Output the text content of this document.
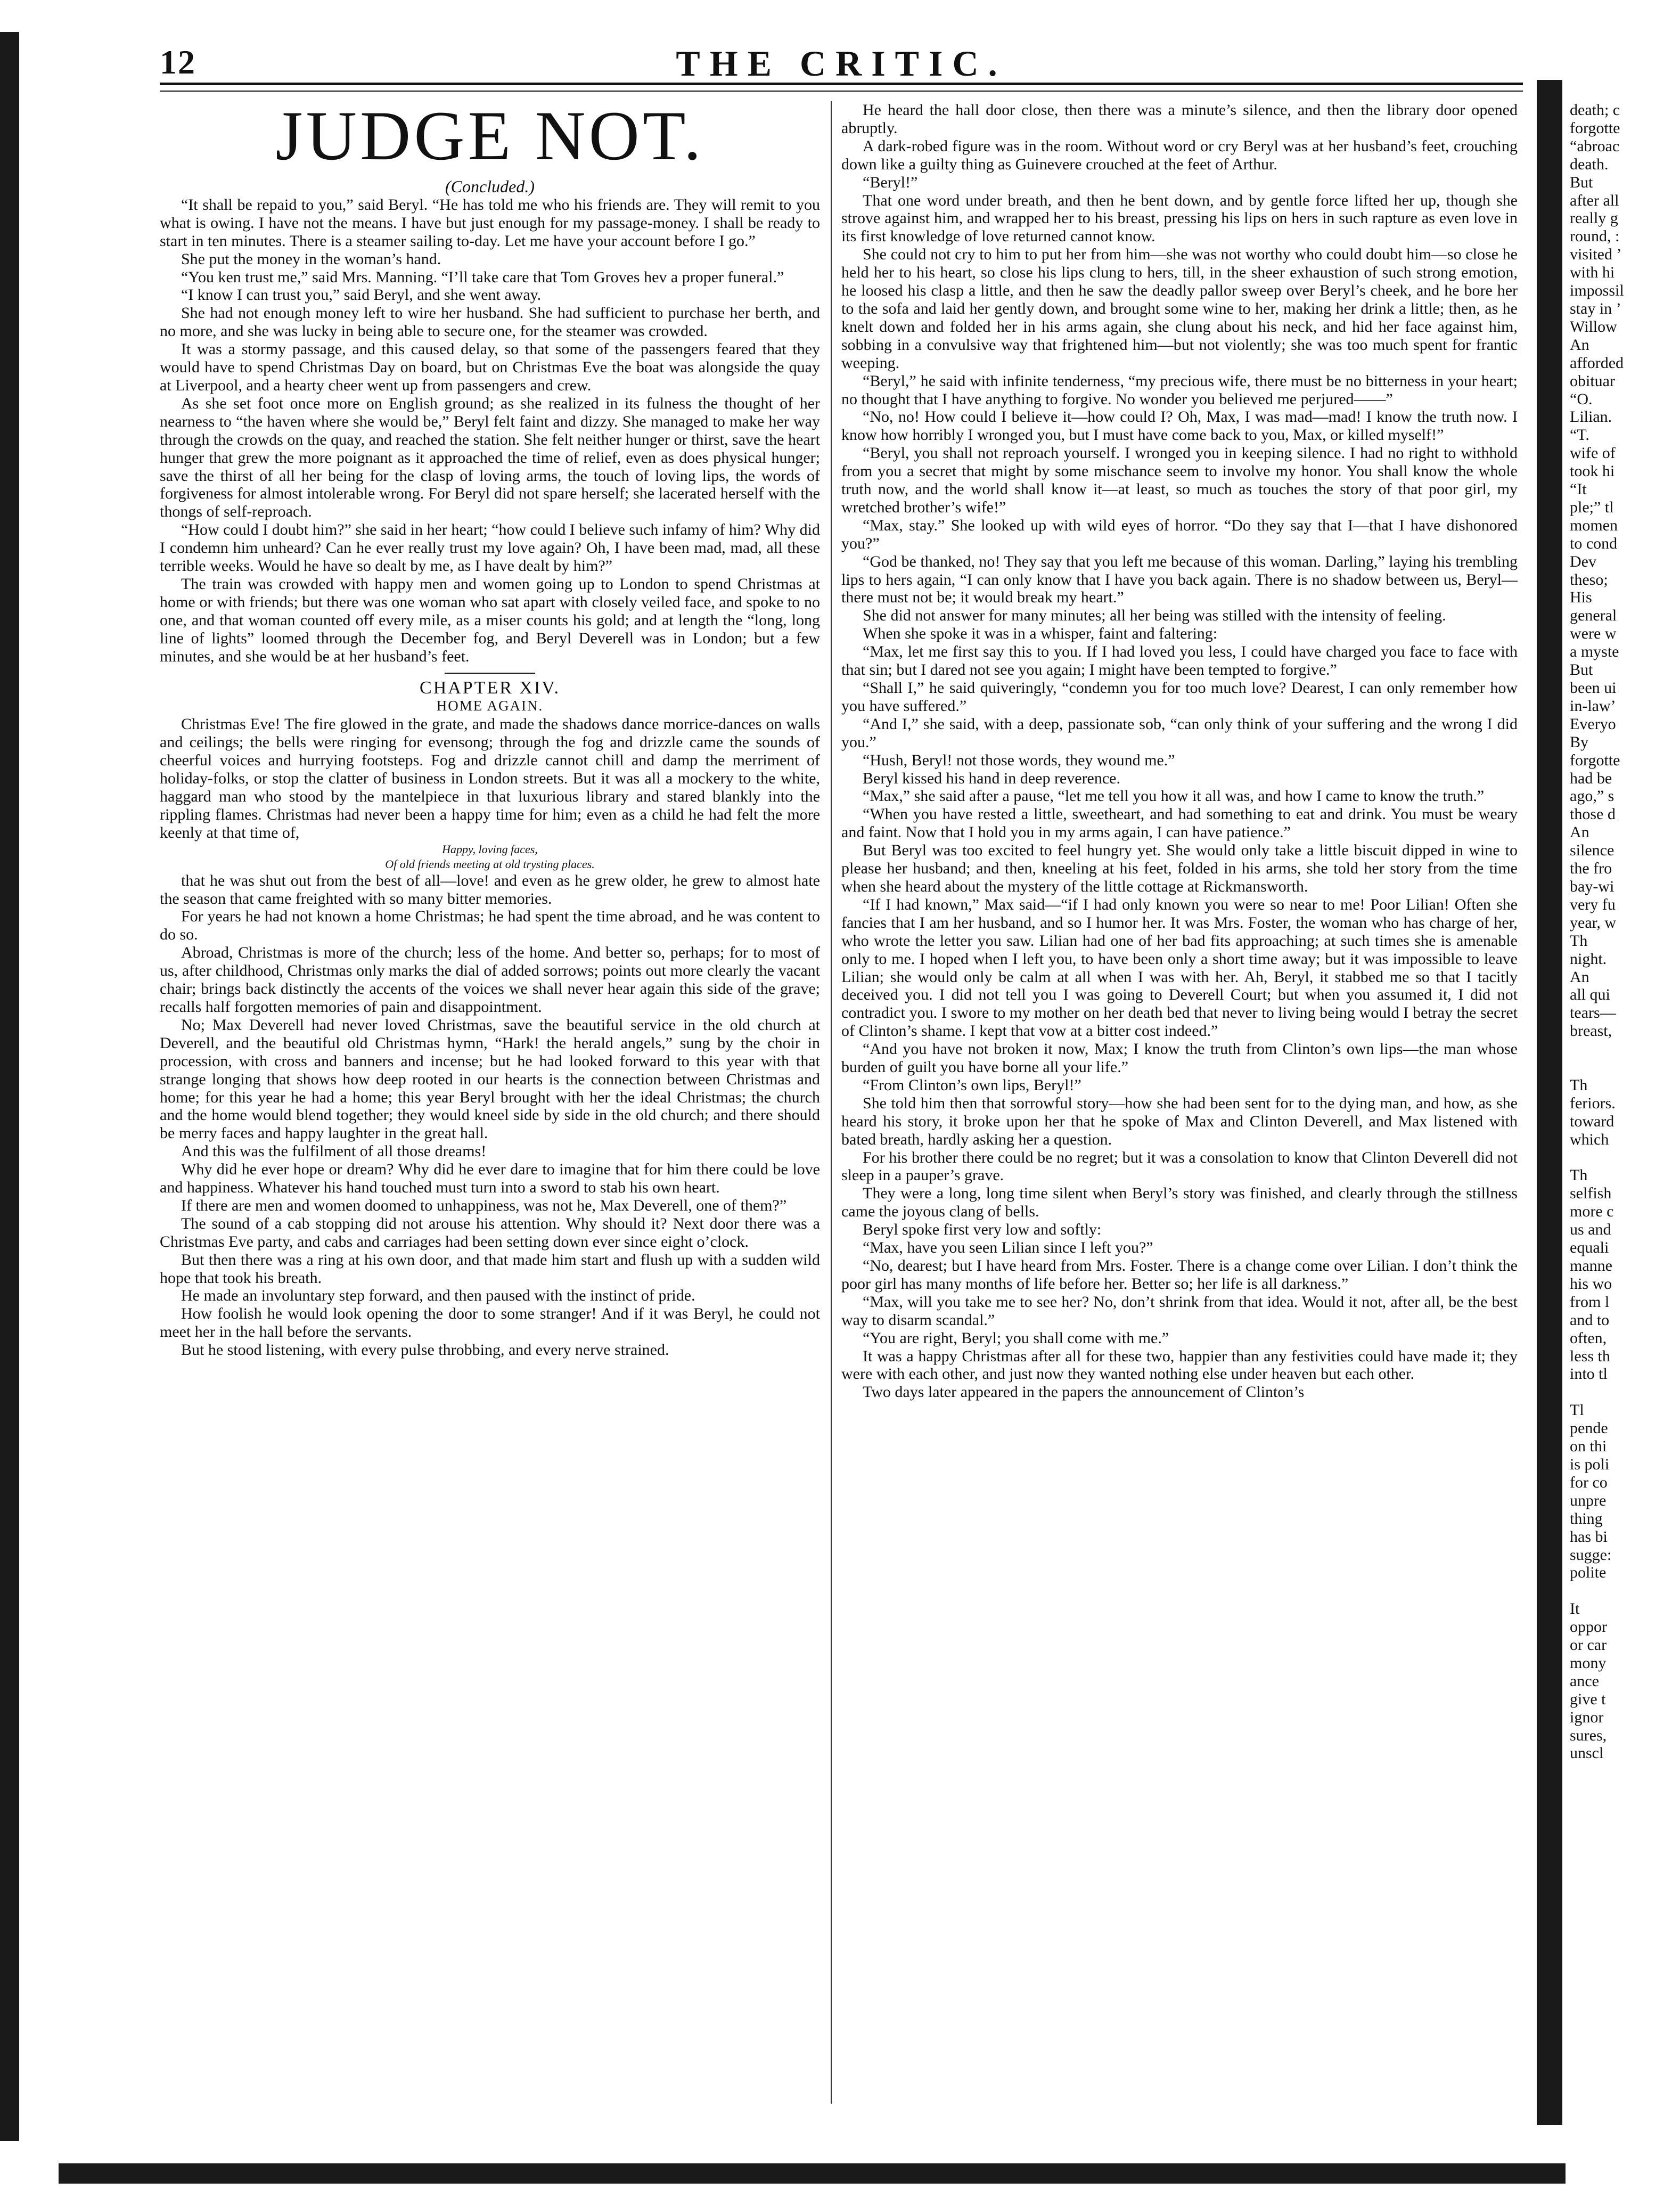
12	THE CRITIC.
JUDGE NOT.

(Concluded.)

“It shall be repaid to you,” said Beryl. “He has told me who his friends are. They will remit to you what is owing. I have not the means. I have but just enough for my passage-money. I shall be ready to start in ten minutes. There is a steamer sailing to-day. Let me have your account before I go.”

She put the money in the woman’s hand.

“You ken trust me,” said Mrs. Manning. “I’ll take care that Tom Groves hev a proper funeral.”

“I know I can trust you,” said Beryl, and she went away.

She had not enough money left to wire her husband. She had sufficient to purchase her berth, and no more, and she was lucky in being able to secure one, for the steamer was crowded.

It was a stormy passage, and this caused delay, so that some of the passengers feared that they would have to spend Christmas Day on board, but on Christmas Eve the boat was alongside the quay at Liverpool, and a hearty cheer went up from passengers and crew.

As she set foot once more on English ground; as she realized in its fulness the thought of her nearness to “the haven where she would be,” Beryl felt faint and dizzy. She managed to make her way through the crowds on the quay, and reached the station. She felt neither hunger or thirst, save the heart hunger that grew the more poignant as it approached the time of relief, even as does physical hunger; save the thirst of all her being for the clasp of loving arms, the touch of loving lips, the words of forgiveness for almost intolerable wrong. For Beryl did not spare herself; she lacerated herself with the thongs of self-reproach.

“How could I doubt him?” she said in her heart; “how could I believe such infamy of him? Why did I condemn him unheard? Can he ever really trust my love again? Oh, I have been mad, mad, all these terrible weeks. Would he have so dealt by me, as I have dealt by him?”

The train was crowded with happy men and women going up to London to spend Christmas at home or with friends; but there was one woman who sat apart with closely veiled face, and spoke to no one, and that woman counted off every mile, as a miser counts his gold; and at length the “long, long line of lights” loomed through the December fog, and Beryl Deverell was in London; but a few minutes, and she would be at her husband’s feet.

CHAPTER XIV.

HOME AGAIN.

Christmas Eve! The fire glowed in the grate, and made the shadows dance morrice-dances on walls and ceilings; the bells were ringing for evensong; through the fog and drizzle came the sounds of cheerful voices and hurrying footsteps. Fog and drizzle cannot chill and damp the merriment of holiday-folks, or stop the clatter of business in London streets. But it was all a mockery to the white, haggard man who stood by the mantelpiece in that luxurious library and stared blankly into the rippling flames. Christmas had never been a happy time for him; even as a child he had felt the more keenly at that time of,

Happy, loving faces,

Of old friends meeting at old trysting places.

that he was shut out from the best of all—love! and even as he grew older, he grew to almost hate the season that came freighted with so many bitter memories.

For years he had not known a home Christmas; he had spent the time abroad, and he was content to do so.

Abroad, Christmas is more of the church; less of the home. And better so, perhaps; for to most of us, after childhood, Christmas only marks the dial of added sorrows; points out more clearly the vacant chair; brings back distinctly the accents of the voices we shall never hear again this side of the grave; recalls half forgotten memories of pain and disappointment.

No; Max Deverell had never loved Christmas, save the beautiful service in the old church at Deverell, and the beautiful old Christmas hymn, “Hark! the herald angels,” sung by the choir in procession, with cross and banners and incense; but he had looked forward to this year with that strange longing that shows how deep rooted in our hearts is the connection between Christmas and home; for this year he had a home; this year Beryl brought with her the ideal Christmas; the church and the home would blend together; they would kneel side by side in the old church; and there should be merry faces and happy laughter in the great hall.

And this was the fulfilment of all those dreams!

Why did he ever hope or dream? Why did he ever dare to imagine that for him there could be love and happiness. Whatever his hand touched must turn into a sword to stab his own heart.

If there are men and women doomed to unhappiness, was not he, Max Deverell, one of them?”

The sound of a cab stopping did not arouse his attention. Why should it? Next door there was a Christmas Eve party, and cabs and carriages had been setting down ever since eight o’clock.

But then there was a ring at his own door, and that made him start and flush up with a sudden wild hope that took his breath.

He made an involuntary step forward, and then paused with the instinct of pride.

How foolish he would look opening the door to some stranger! And if it was Beryl, he could not meet her in the hall before the servants.

But he stood listening, with every pulse throbbing, and every nerve strained.

He heard the hall door close, then there was a minute’s silence, and then the library door opened abruptly.

A dark-robed figure was in the room. Without word or cry Beryl was at her husband’s feet, crouching down like a guilty thing as Guinevere crouched at the feet of Arthur.

“Beryl!”

That one word under breath, and then he bent down, and by gentle force lifted her up, though she strove against him, and wrapped her to his breast, pressing his lips on hers in such rapture as even love in its first knowledge of love returned cannot know.

She could not cry to him to put her from him—she was not worthy who could doubt him—so close he held her to his heart, so close his lips clung to hers, till, in the sheer exhaustion of such strong emotion, he loosed his clasp a little, and then he saw the deadly pallor sweep over Beryl’s cheek, and he bore her to the sofa and laid her gently down, and brought some wine to her, making her drink a little; then, as he knelt down and folded her in his arms again, she clung about his neck, and hid her face against him, sobbing in a convulsive way that frightened him—but not violently; she was too much spent for frantic weeping.

“Beryl,” he said with infinite tenderness, “my precious wife, there must be no bitterness in your heart; no thought that I have anything to forgive. No wonder you believed me perjured——”

“No, no! How could I believe it—how could I? Oh, Max, I was mad—mad! I know the truth now. I know how horribly I wronged you, but I must have come back to you, Max, or killed myself!”

“Beryl, you shall not reproach yourself. I wronged you in keeping silence. I had no right to withhold from you a secret that might by some mischance seem to involve my honor. You shall know the whole truth now, and the world shall know it—at least, so much as touches the story of that poor girl, my wretched brother’s wife!”

“Max, stay.” She looked up with wild eyes of horror. “Do they say that I—that I have dishonored you?”

“God be thanked, no! They say that you left me because of this woman. Darling,” laying his trembling lips to hers again, “I can only know that I have you back again. There is no shadow between us, Beryl—there must not be; it would break my heart.”

She did not answer for many minutes; all her being was stilled with the intensity of feeling.

When she spoke it was in a whisper, faint and faltering:

“Max, let me first say this to you. If I had loved you less, I could have charged you face to face with that sin; but I dared not see you again; I might have been tempted to forgive.”

“Shall I,” he said quiveringly, “condemn you for too much love? Dearest, I can only remember how you have suffered.”

“And I,” she said, with a deep, passionate sob, “can only think of your suffering and the wrong I did you.”

“Hush, Beryl! not those words, they wound me.”

Beryl kissed his hand in deep reverence.

“Max,” she said after a pause, “let me tell you how it all was, and how I came to know the truth.”

“When you have rested a little, sweetheart, and had something to eat and drink. You must be weary and faint. Now that I hold you in my arms again, I can have patience.”

But Beryl was too excited to feel hungry yet. She would only take a little biscuit dipped in wine to please her husband; and then, kneeling at his feet, folded in his arms, she told her story from the time when she heard about the mystery of the little cottage at Rickmansworth.

“If I had known,” Max said—“if I had only known you were so near to me! Poor Lilian! Often she fancies that I am her husband, and so I humor her. It was Mrs. Foster, the woman who has charge of her, who wrote the letter you saw. Lilian had one of her bad fits approaching; at such times she is amenable only to me. I hoped when I left you, to have been only a short time away; but it was impossible to leave Lilian; she would only be calm at all when I was with her. Ah, Beryl, it stabbed me so that I tacitly deceived you. I did not tell you I was going to Deverell Court; but when you assumed it, I did not contradict you. I swore to my mother on her death bed that never to living being would I betray the secret of Clinton’s shame. I kept that vow at a bitter cost indeed.”

“And you have not broken it now, Max; I know the truth from Clinton’s own lips—the man whose burden of guilt you have borne all your life.”

“From Clinton’s own lips, Beryl!”

She told him then that sorrowful story—how she had been sent for to the dying man, and how, as she heard his story, it broke upon her that he spoke of Max and Clinton Deverell, and Max listened with bated breath, hardly asking her a question.

For his brother there could be no regret; but it was a consolation to know that Clinton Deverell did not sleep in a pauper’s grave.

They were a long, long time silent when Beryl’s story was finished, and clearly through the stillness came the joyous clang of bells.

Beryl spoke first very low and softly:

“Max, have you seen Lilian since I left you?”

“No, dearest; but I have heard from Mrs. Foster. There is a change come over Lilian. I don’t think the poor girl has many months of life before her. Better so; her life is all darkness.”

“Max, will you take me to see her? No, don’t shrink from that idea. Would it not, after all, be the best way to disarm scandal.”

“You are right, Beryl; you shall come with me.”

It was a happy Christmas after all for these two, happier than any festivities could have made it; they were with each other, and just now they wanted nothing else under heaven but each other.

Two days later appeared in the papers the announcement of Clinton’s

death; c
forgotte
“abroac
death.
But
after all
really g
round, :
visited ’
with hi
impossil
stay in ’
Willow
An
afforded
obituar
“O.
Lilian.
“T.
wife of
took hi
“It
ple;” tl
momen
to cond
Dev
theso;
His
general
were w
a myste
But
been ui
in-law’
Everyo
By
forgotte
had be
ago,” s
those d
An
silence
the fro
bay-wi
very fu
year, w
Th
night.
An
all qui
tears—
breast,

Th
feriors.
toward
which

Th
selfish
more c
us and
equali
manne
his wo
from l
and to
often,
less th
into tl

Tl
pende
on thi
is poli
for co
unpre
thing
has bi
sugge:
polite

It
oppor
or car
mony
ance
give t
ignor
sures,
unscl
